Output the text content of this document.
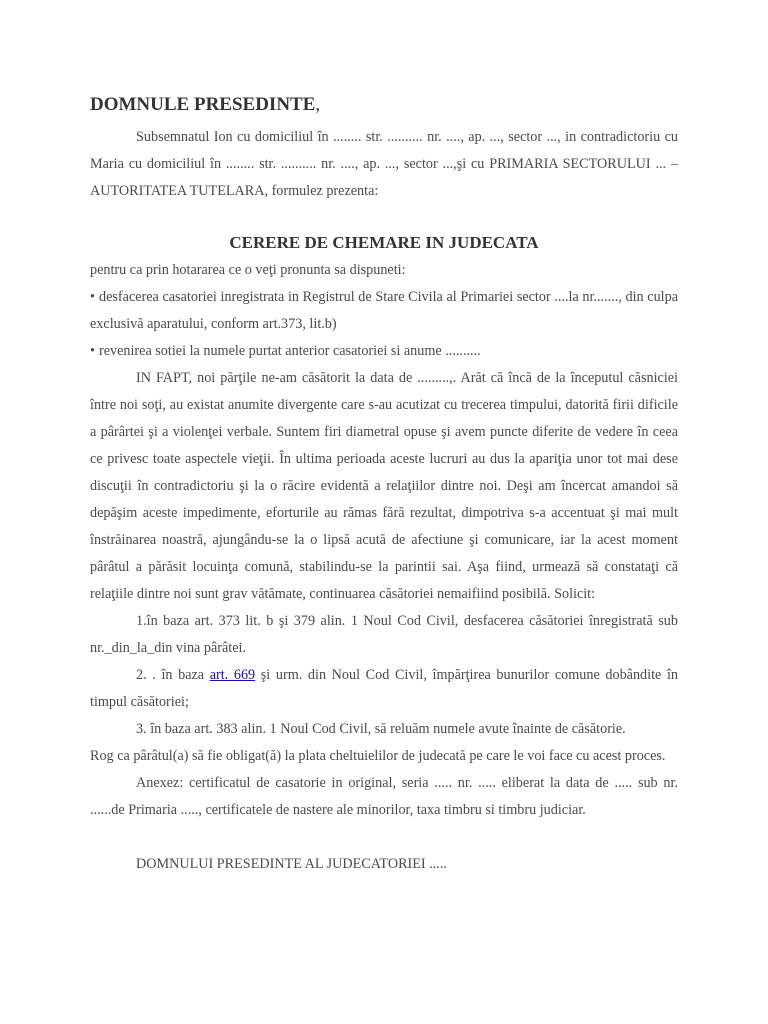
DOMNULE PRESEDINTE,

Subsemnatul Ion cu domiciliul în ........ str. .......... nr. ...., ap. ..., sector ..., in contradictoriu cu Maria cu domiciliul în ........ str. .......... nr. ...., ap. ..., sector ...,şi cu PRIMARIA SECTORULUI ... – AUTORITATEA TUTELARA, formulez prezenta:

CERERE DE CHEMARE IN JUDECATA

pentru ca prin hotararea ce o veţi pronunta sa dispuneti:

• desfacerea casatoriei inregistrata in Registrul de Stare Civila al Primariei sector ....la nr......., din culpa exclusivă aparatului, conform art.373, lit.b)

• revenirea sotiei la numele purtat anterior casatoriei si anume ..........

IN FAPT, noi părţile ne-am căsătorit la data de .........,. Arăt că încă de la începutul căsniciei între noi soţi, au existat anumite divergente care s-au acutizat cu trecerea timpului, datorită firii dificile a pârârtei şi a violenţei verbale. Suntem firi diametral opuse şi avem puncte diferite de vedere în ceea ce privesc toate aspectele vieţii. În ultima perioada aceste lucruri au dus la apariţia unor tot mai dese discuţii în contradictoriu şi la o răcire evidentă a relaţiilor dintre noi. Deşi am încercat amandoi să depăşim aceste impedimente, eforturile au rămas fără rezultat, dimpotriva s-a accentuat şi mai mult înstrăinarea noastră, ajungându-se la o lipsă acută de afectiune şi comunicare, iar la acest moment pârâtul a părăsit locuinţa comună, stabilindu-se la parintii sai. Aşa fiind, urmează să constataţi că relaţiile dintre noi sunt grav vătămate, continuarea căsătoriei nemaifiind posibilă. Solicit:

1.în baza art. 373 lit. b şi 379 alin. 1 Noul Cod Civil, desfacerea căsătoriei înregistrată sub nr._din_la_din vina pârâtei.

2. . în baza art. 669 şi urm. din Noul Cod Civil, împărţirea bunurilor comune dobândite în timpul căsătoriei;

3. în baza art. 383 alin. 1 Noul Cod Civil, să reluăm numele avute înainte de căsătorie.

Rog ca pârâtul(a) să fie obligat(ă) la plata cheltuielilor de judecată pe care le voi face cu acest proces.

Anexez: certificatul de casatorie in original, seria ..... nr. ..... eliberat la data de ..... sub nr. ......de Primaria ....., certificatele de nastere ale minorilor, taxa timbru si timbru judiciar.

DOMNULUI PRESEDINTE AL JUDECATORIEI .....
